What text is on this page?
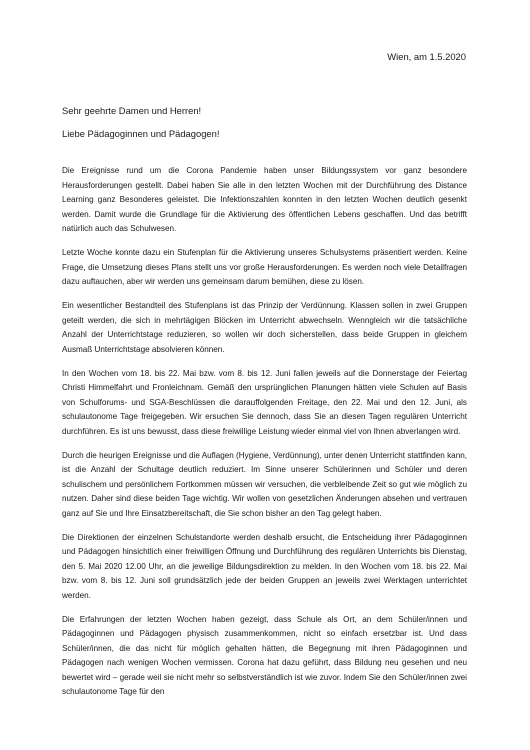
Wien, am 1.5.2020
Sehr geehrte Damen und Herren!
Liebe Pädagoginnen und Pädagogen!

Die Ereignisse rund um die Corona Pandemie haben unser Bildungssystem vor ganz besondere Herausforderungen gestellt. Dabei haben Sie alle in den letzten Wochen mit der Durchführung des Distance Learning ganz Besonderes geleistet. Die Infektionszahlen konnten in den letzten Wochen deutlich gesenkt werden. Damit wurde die Grundlage für die Aktivierung des öffentlichen Lebens geschaffen. Und das betrifft natürlich auch das Schulwesen.

Letzte Woche konnte dazu ein Stufenplan für die Aktivierung unseres Schulsystems präsentiert werden. Keine Frage, die Umsetzung dieses Plans stellt uns vor große Herausforderungen. Es werden noch viele Detailfragen dazu auftauchen, aber wir werden uns gemeinsam darum bemühen, diese zu lösen.

Ein wesentlicher Bestandteil des Stufenplans ist das Prinzip der Verdünnung. Klassen sollen in zwei Gruppen geteilt werden, die sich in mehrtägigen Blöcken im Unterricht abwechseln. Wenngleich wir die tatsächliche Anzahl der Unterrichtstage reduzieren, so wollen wir doch sicherstellen, dass beide Gruppen in gleichem Ausmaß Unterrichtstage absolvieren können.

In den Wochen vom 18. bis 22. Mai bzw. vom 8. bis 12. Juni fallen jeweils auf die Donnerstage der Feiertag Christi Himmelfahrt und Fronleichnam. Gemäß den ursprünglichen Planungen hätten viele Schulen auf Basis von Schulforums- und SGA-Beschlüssen die darauffolgenden Freitage, den 22. Mai und den 12. Juni, als schulautonome Tage freigegeben. Wir ersuchen Sie dennoch, dass Sie an diesen Tagen regulären Unterricht durchführen. Es ist uns bewusst, dass diese freiwillige Leistung wieder einmal viel von Ihnen abverlangen wird.

Durch die heurigen Ereignisse und die Auflagen (Hygiene, Verdünnung), unter denen Unterricht stattfinden kann, ist die Anzahl der Schultage deutlich reduziert. Im Sinne unserer Schülerinnen und Schüler und deren schulischem und persönlichem Fortkommen müssen wir versuchen, die verbleibende Zeit so gut wie möglich zu nutzen. Daher sind diese beiden Tage wichtig. Wir wollen von gesetzlichen Änderungen absehen und vertrauen ganz auf Sie und Ihre Einsatzbereitschaft, die Sie schon bisher an den Tag gelegt haben.

Die Direktionen der einzelnen Schulstandorte werden deshalb ersucht, die Entscheidung ihrer Pädagoginnen und Pädagogen hinsichtlich einer freiwilligen Öffnung und Durchführung des regulären Unterrichts bis Dienstag, den 5. Mai 2020 12.00 Uhr, an die jeweilige Bildungsdirektion zu melden. In den Wochen vom 18. bis 22. Mai bzw. vom 8. bis 12. Juni soll grundsätzlich jede der beiden Gruppen an jeweils zwei Werktagen unterrichtet werden.

Die Erfahrungen der letzten Wochen haben gezeigt, dass Schule als Ort, an dem Schüler/innen und Pädagoginnen und Pädagogen physisch zusammenkommen, nicht so einfach ersetzbar ist. Und dass Schüler/innen, die das nicht für möglich gehalten hätten, die Begegnung mit ihren Pädagoginnen und Pädagogen nach wenigen Wochen vermissen. Corona hat dazu geführt, dass Bildung neu gesehen und neu bewertet wird – gerade weil sie nicht mehr so selbstverständlich ist wie zuvor. Indem Sie den Schüler/innen zwei schulautonome Tage für den
